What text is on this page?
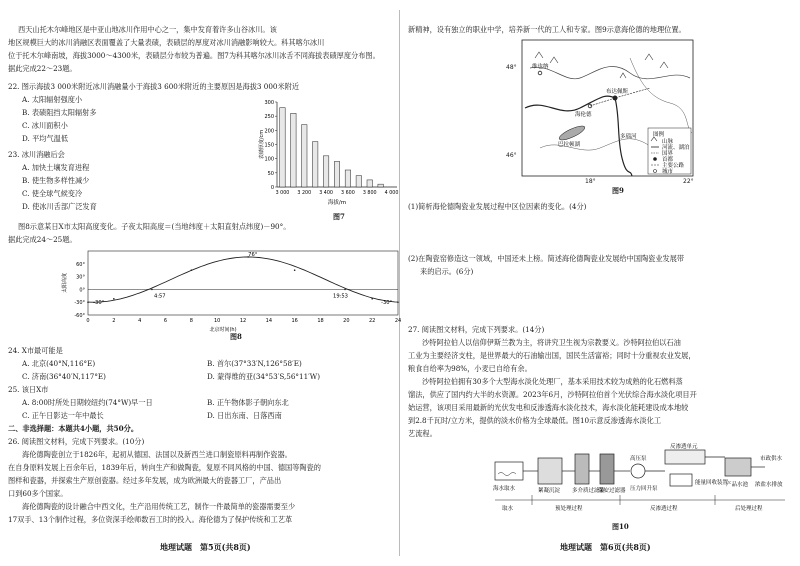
西天山托木尔峰地区是中亚山地冰川作用中心之一，集中发育着许多山谷冰川。该
地区规模巨大的冰川消融区表面覆盖了大量表碛，表碛层的厚度对冰川消融影响较大。科其喀尔冰川
位于托木尔峰南坡，海拔3000～4300米，表碛层分布较为普遍。图7为科其喀尔冰川冰舌不同海拔表碛厚度分布图。
据此完成22～23题。
22. 图示海拔3 000米附近冰川消融量小于海拔3 600米附近的主要原因是海拔3 000米附近
A. 太阳辐射强度小
B. 表碛阻挡太阳辐射多
C. 冰川面积小
D. 平均气温低
23. 冰川消融后会
A. 加快土壤发育进程
B. 使生物多样性减少
C. 使全球气候变冷
D. 使冰川舌部广泛发育
0
50
100
150
200
250
300
3 000 3 200 3 400 3 600 3 800 4 000
表碛厚度/cm
海拔/m
图7
图8示意某日X市太阳高度变化。子夜太阳高度＝(当地纬度＋太阳直射点纬度)－90°。
据此完成24～25题。
-60°
-30°
0°
30°
60°
0	2	4	6	8	10	12	14	16	18	20	22	24
-30°
4:57
76°
19:53
-30°
太阳高度
北京时间(h)
图8
24. X市最可能是
A. 北京(40°N,116°E)	B. 首尔(37°33′N,126°58′E)
C. 济南(36°40′N,117°E)	D. 蒙得维的亚(34°53′S,56°11′W)
25. 该日X市
A. 8:00时所处日期较纽约(74°W)早一日	B. 正午物体影子朝向东北
C. 正午日影达一年中最长	D. 日出东南、日落西南
二、非选择题：本题共4小题，共50分。
26. 阅读图文材料，完成下列要求。(10分)
海伦德陶瓷创立于1826年，起初从德国、法国以及新西兰进口制瓷原料再制作瓷器。
在自身原料发展上百余年后，1839年后，转向生产和做陶瓷，复原不同风格的中国、德国等陶瓷的
图样和瓷器，并探索生产原创瓷器。经过多年发展，成为欧洲最大的瓷器工厂，产品出
口到60多个国家。
海伦德陶瓷的设计融合中西文化，生产沿用传统工艺，制作一件最简单的瓷器需要至少
17双手、13个制作过程，多位资深手绘师数百工时的投入。海伦德为了保护传统和工艺革
地理试题　第5页(共8页)
新精神，设有独立的职业中学，培养新一代的工人和专家。图9示意海伦德的地理位置。
维也纳
布达佩斯
海伦德
巴拉顿湖
多瑙河	图例
山脉
河流、湖泊
国界
首都
主要公路
城市
48°
46°
18°	22°
图9
(1)简析海伦德陶瓷业发展过程中区位因素的变化。(4分)
(2)在陶瓷窑修造这一领域，中国还未上榜。简述海伦德陶瓷业发展给中国陶瓷业发展带
来的启示。(6分)
27. 阅读图文材料，完成下列要求。(14分)
沙特阿拉伯人以信仰伊斯兰教为主，将讲究卫生视为宗教要义。沙特阿拉伯以石油
工业为主要经济支柱，是世界最大的石油输出国，国民生活富裕；同时十分重视农业发展，
粮食自给率为98%，小麦已自给有余。
沙特阿拉伯拥有30多个大型海水淡化处理厂，基本采用技术较为成熟的化石燃料蒸
馏法，供应了国内约大半的水资源。2023年6月，沙特阿拉伯首个光伏综合海水淡化项目开
始运营，该项目采用最新的光伏发电和反渗透海水淡化技术，海水淡化能耗建设成本地较
到2.8千瓦时/立方米，提供的淡水价格为全球最低。图10示意反渗透海水淡化工
艺流程。
取水	预处理过程	反渗透过程	后处理过程
海水取水	絮凝沉淀 多介质过滤器
保安过滤器
高压泵
压力回升泵
能量回收装置
反渗透单元
产品水池
市政供水
浓盐水排放
图10
地理试题　第6页(共8页)
